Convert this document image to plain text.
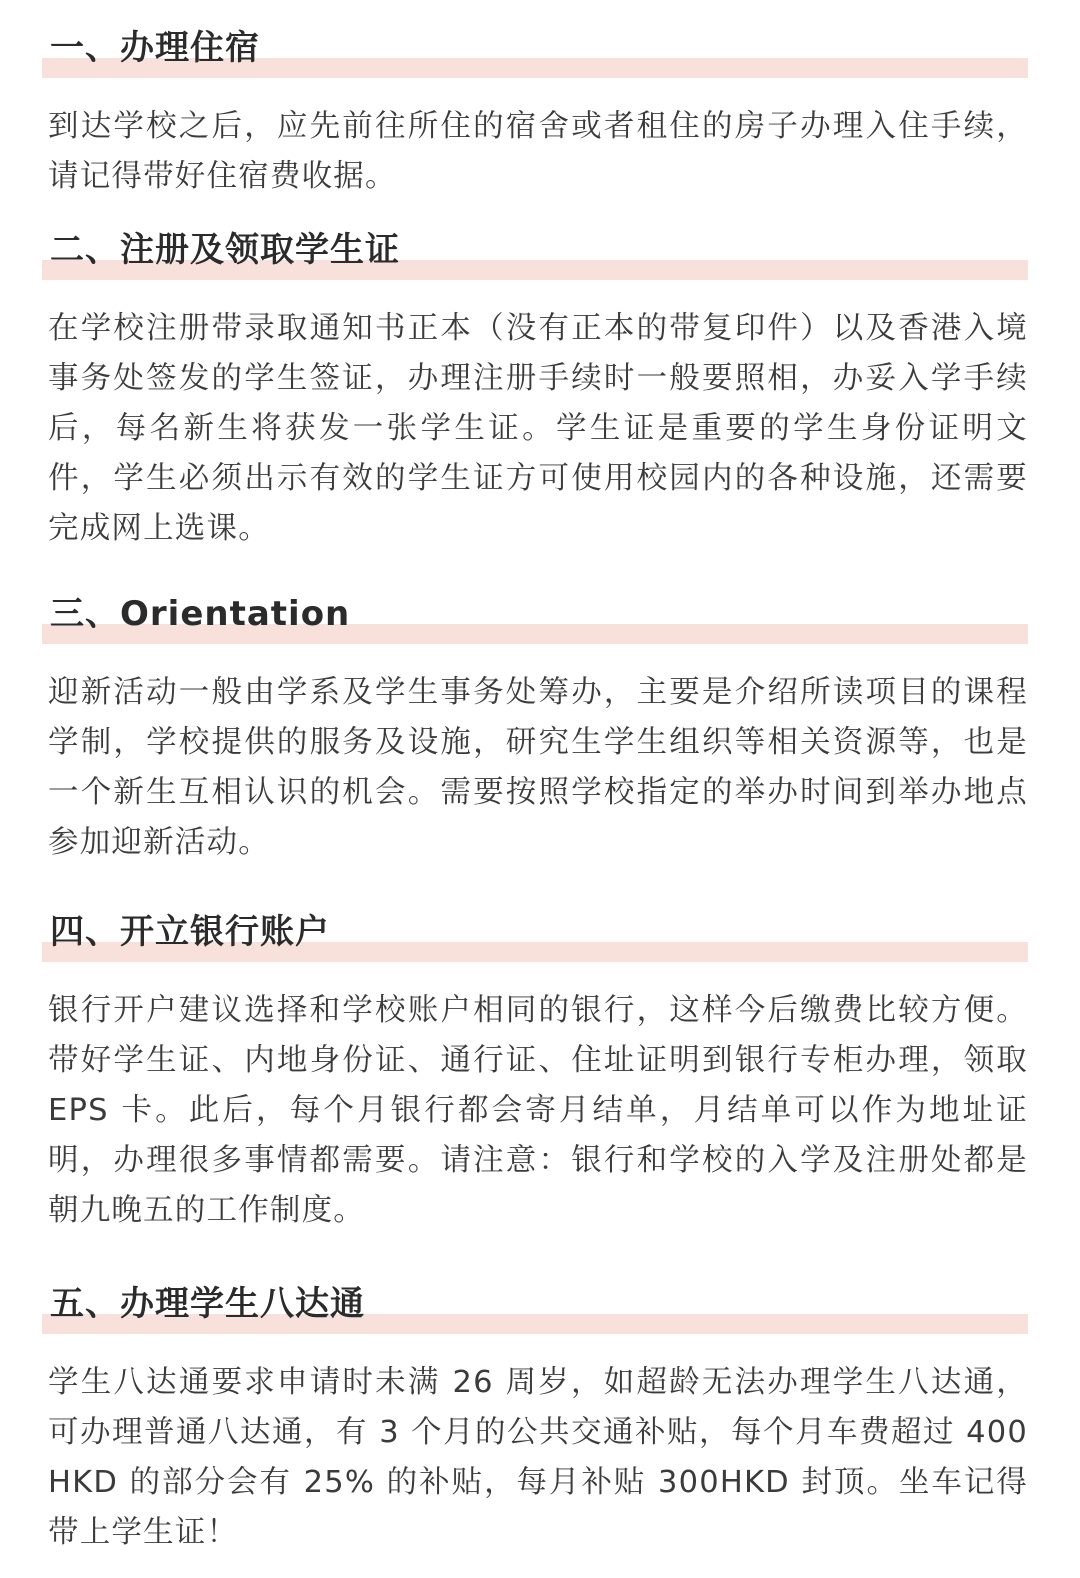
一、办理住宿

到达学校之后，应先前往所住的宿舍或者租住的房子办理入住手续，请记得带好住宿费收据。

二、注册及领取学生证

在学校注册带录取通知书正本（没有正本的带复印件）以及香港入境事务处签发的学生签证，办理注册手续时一般要照相，办妥入学手续后，每名新生将获发一张学生证。学生证是重要的学生身份证明文件，学生必须出示有效的学生证方可使用校园内的各种设施，还需要完成网上选课。

三、Orientation

迎新活动一般由学系及学生事务处筹办，主要是介绍所读项目的课程学制，学校提供的服务及设施，研究生学生组织等相关资源等，也是一个新生互相认识的机会。需要按照学校指定的举办时间到举办地点参加迎新活动。

四、开立银行账户

银行开户建议选择和学校账户相同的银行，这样今后缴费比较方便。带好学生证、内地身份证、通行证、住址证明到银行专柜办理，领取 EPS 卡。此后，每个月银行都会寄月结单，月结单可以作为地址证明，办理很多事情都需要。请注意：银行和学校的入学及注册处都是朝九晚五的工作制度。

五、办理学生八达通

学生八达通要求申请时未满 26 周岁，如超龄无法办理学生八达通，可办理普通八达通，有 3 个月的公共交通补贴，每个月车费超过 400HKD 的部分会有 25% 的补贴，每月补贴 300HKD 封顶。坐车记得带上学生证！
